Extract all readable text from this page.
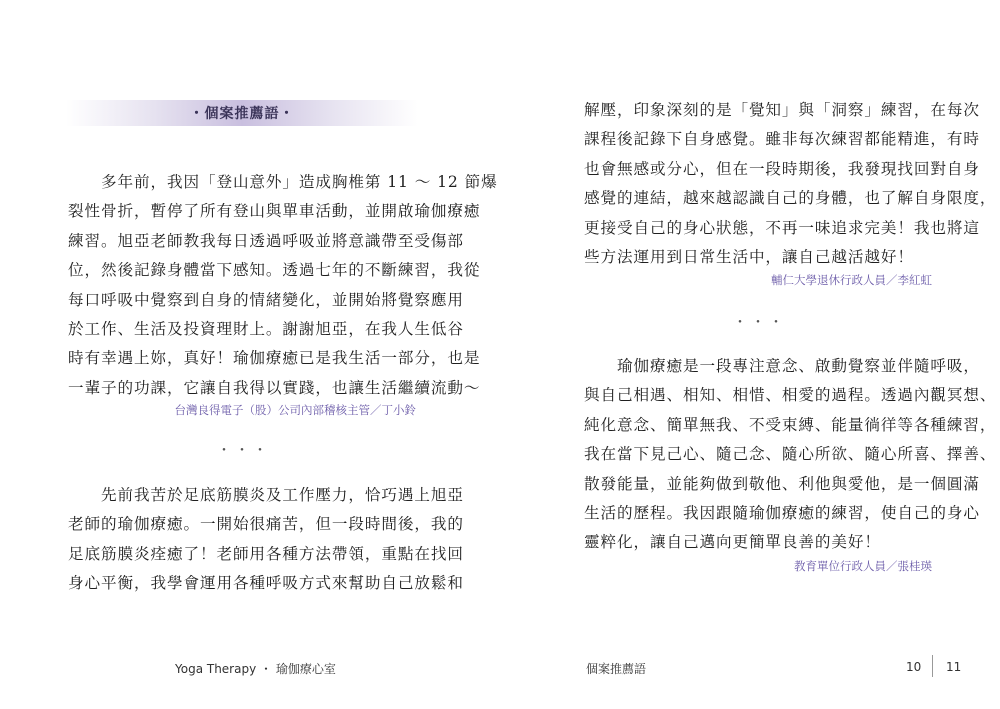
・個案推薦語・
　　多年前，我因「登山意外」造成胸椎第 11 ～ 12 節爆
裂性骨折，暫停了所有登山與單車活動，並開啟瑜伽療癒
練習。旭亞老師教我每日透過呼吸並將意識帶至受傷部
位，然後記錄身體當下感知。透過七年的不斷練習，我從
每口呼吸中覺察到自身的情緒變化，並開始將覺察應用
於工作、生活及投資理財上。謝謝旭亞，在我人生低谷
時有幸遇上妳，真好！瑜伽療癒已是我生活一部分，也是
一輩子的功課，它讓自我得以實踐，也讓生活繼續流動～

台灣良得電子（股）公司內部稽核主管／丁小鈴

・・・

　　先前我苦於足底筋膜炎及工作壓力，恰巧遇上旭亞
老師的瑜伽療癒。一開始很痛苦，但一段時間後，我的
足底筋膜炎痊癒了！老師用各種方法帶領，重點在找回
身心平衡，我學會運用各種呼吸方式來幫助自己放鬆和
Yoga Therapy ・ 瑜伽療心室
解壓，印象深刻的是「覺知」與「洞察」練習，在每次
課程後記錄下自身感覺。雖非每次練習都能精進，有時
也會無感或分心，但在一段時期後，我發現找回對自身
感覺的連結，越來越認識自己的身體，也了解自身限度，
更接受自己的身心狀態，不再一味追求完美！我也將這
些方法運用到日常生活中，讓自己越活越好！

輔仁大學退休行政人員／李紅虹

・・・

　　瑜伽療癒是一段專注意念、啟動覺察並伴隨呼吸，
與自己相遇、相知、相惜、相愛的過程。透過內觀冥想、
純化意念、簡單無我、不受束縛、能量徜徉等各種練習，
我在當下見己心、隨己念、隨心所欲、隨心所喜、擇善、
散發能量，並能夠做到敬他、利他與愛他，是一個圓滿
生活的歷程。我因跟隨瑜伽療癒的練習，使自己的身心
靈粹化，讓自己邁向更簡單良善的美好！

教育單位行政人員／張桂瑛

個案推薦語	10 11
